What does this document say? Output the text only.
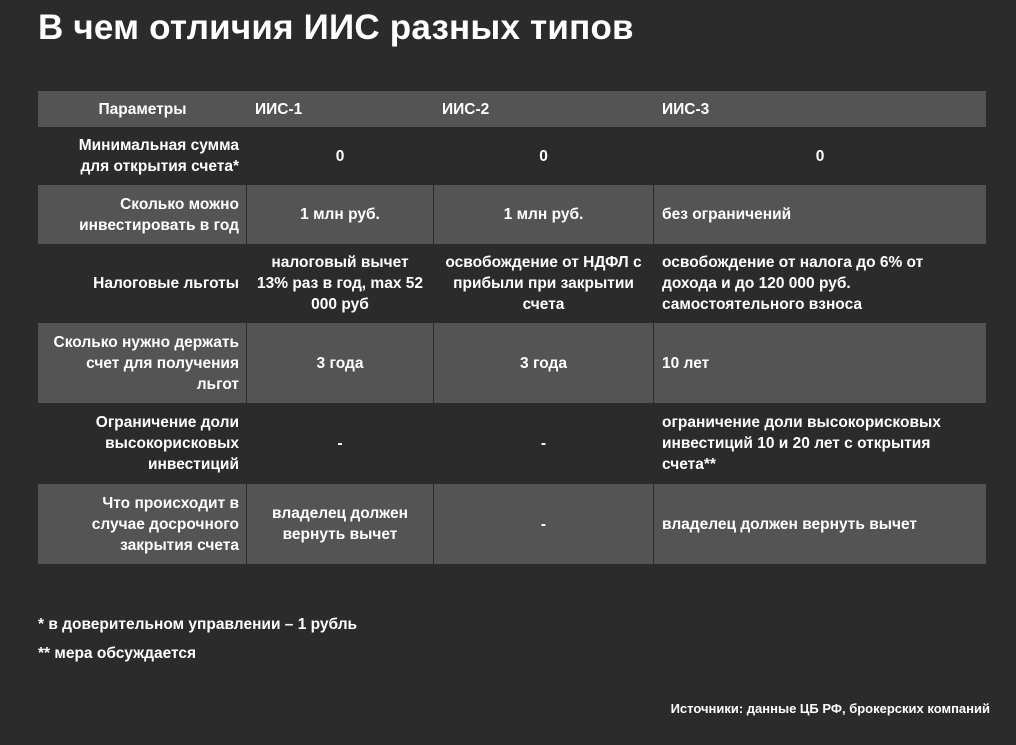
В чем отличия ИИС разных типов
Параметры	ИИС-1	ИИС-2	ИИС-3
Минимальная сумма для открытия счета*	0	0	0
Сколько можно инвестировать в год	1 млн руб.	1 млн руб.	без ограничений
Налоговые льготы	налоговый вычет 13% раз в год, max 52 000 руб	освобождение от НДФЛ с прибыли при закрытии счета	освобождение от налога до 6% от дохода и до 120 000 руб. самостоятельного взноса
Сколько нужно держать счет для получения льгот	3 года	3 года	10 лет
Ограничение доли высокорисковых инвестиций	-	-	ограничение доли высокорисковых инвестиций 10 и 20 лет с открытия счета**
Что происходит в случае досрочного закрытия счета	владелец должен вернуть вычет	-	владелец должен вернуть вычет
* в доверительном управлении – 1 рубль
** мера обсуждается
Источники: данные ЦБ РФ, брокерских компаний
